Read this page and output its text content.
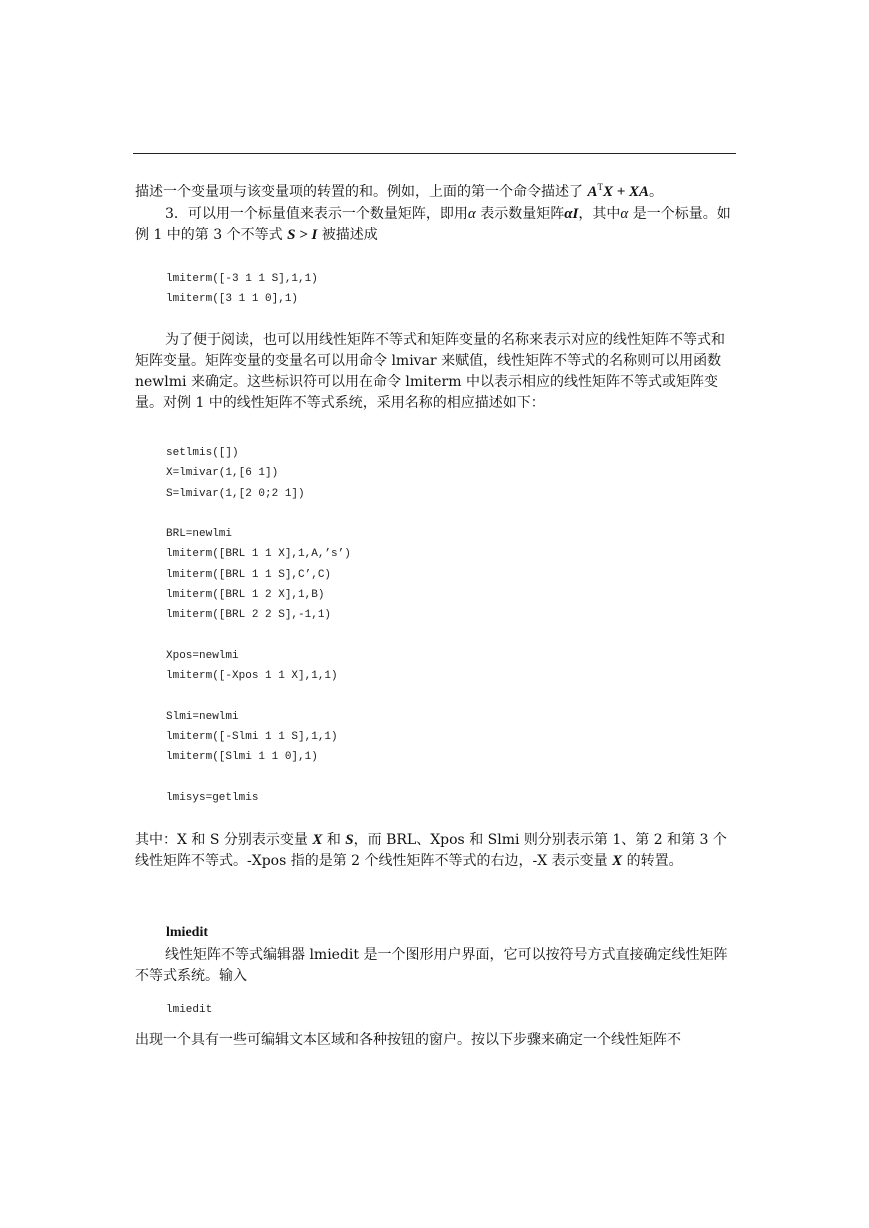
描述一个变量项与该变量项的转置的和。例如，上面的第一个命令描述了 $A^TX$ + XA。
3．可以用一个标量值来表示一个数量矩阵，即用α 表示数量矩阵αI，其中α 是一个标量。如例 1 中的第 3 个不等式 S > I 被描述成
lmiterm([-3 1 1 S],1,1)
lmiterm([3 1 1 0],1)
为了便于阅读，也可以用线性矩阵不等式和矩阵变量的名称来表示对应的线性矩阵不等式和矩阵变量。矩阵变量的变量名可以用命令 lmivar 来赋值，线性矩阵不等式的名称则可以用函数 newlmi 来确定。这些标识符可以用在命令 lmiterm 中以表示相应的线性矩阵不等式或矩阵变量。对例 1 中的线性矩阵不等式系统，采用名称的相应描述如下：
setlmis([])
X=lmivar(1,[6 1])
S=lmivar(1,[2 0;2 1])

BRL=newlmi
lmiterm([BRL 1 1 X],1,A,’s’)
lmiterm([BRL 1 1 S],C’,C)
lmiterm([BRL 1 2 X],1,B)
lmiterm([BRL 2 2 S],-1,1)

Xpos=newlmi
lmiterm([-Xpos 1 1 X],1,1)

Slmi=newlmi
lmiterm([-Slmi 1 1 S],1,1)
lmiterm([Slmi 1 1 0],1)

lmisys=getlmis
其中：X 和 S 分别表示变量 X 和 S，而 BRL、Xpos 和 Slmi 则分别表示第 1、第 2 和第 3 个线性矩阵不等式。-Xpos 指的是第 2 个线性矩阵不等式的右边，-X 表示变量 X 的转置。
lmiedit
线性矩阵不等式编辑器 lmiedit 是一个图形用户界面，它可以按符号方式直接确定线性矩阵不等式系统。输入
lmiedit
出现一个具有一些可编辑文本区域和各种按钮的窗户。按以下步骤来确定一个线性矩阵不
